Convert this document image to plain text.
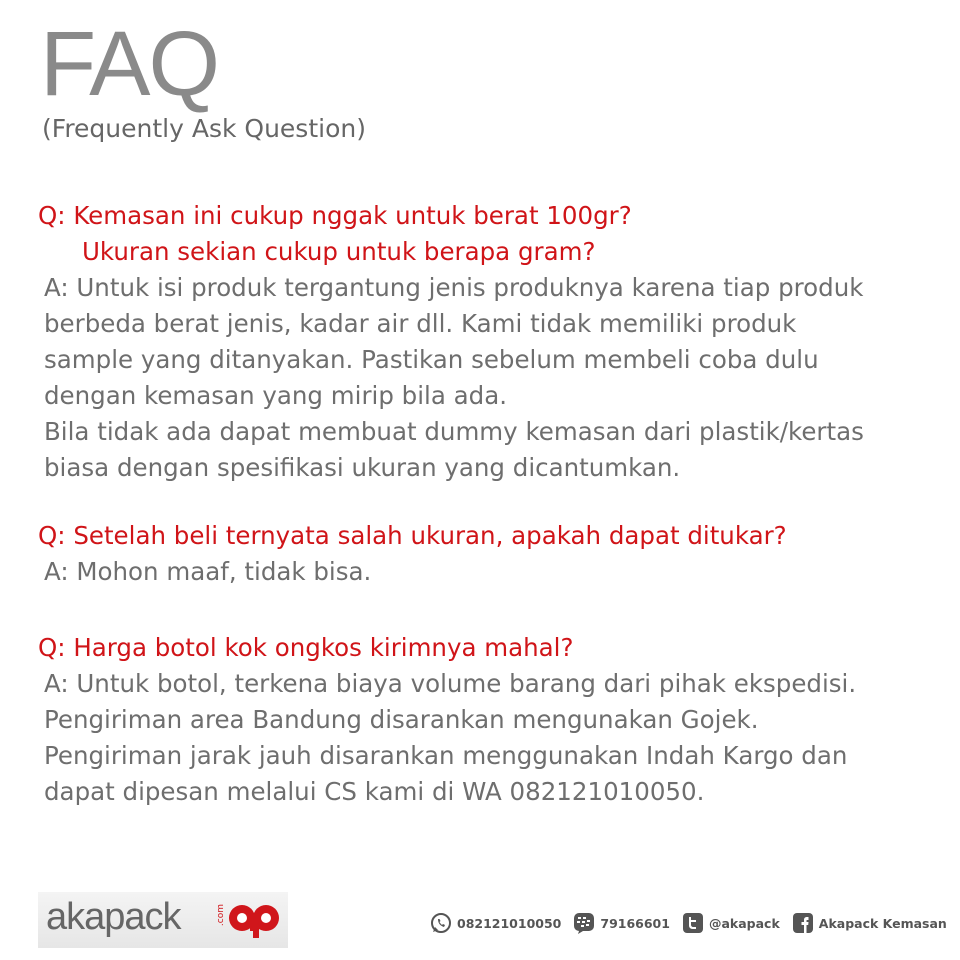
FAQ
(Frequently Ask Question)
Q: Kemasan ini cukup nggak untuk berat 100gr?
Ukuran sekian cukup untuk berapa gram?
A: Untuk isi produk tergantung jenis produknya karena tiap produk
berbeda berat jenis, kadar air dll. Kami tidak memiliki produk
sample yang ditanyakan. Pastikan sebelum membeli coba dulu
dengan kemasan yang mirip bila ada.
Bila tidak ada dapat membuat dummy kemasan dari plastik/kertas
biasa dengan spesifikasi ukuran yang dicantumkan.
Q: Setelah beli ternyata salah ukuran, apakah dapat ditukar?
A: Mohon maaf, tidak bisa.
Q: Harga botol kok ongkos kirimnya mahal?
A: Untuk botol, terkena biaya volume barang dari pihak ekspedisi.
Pengiriman area Bandung disarankan mengunakan Gojek.
Pengiriman jarak jauh disarankan menggunakan Indah Kargo dan
dapat dipesan melalui CS kami di WA 082121010050.
akapack	.com	082121010050	79166601	@akapack	Akapack Kemasan
